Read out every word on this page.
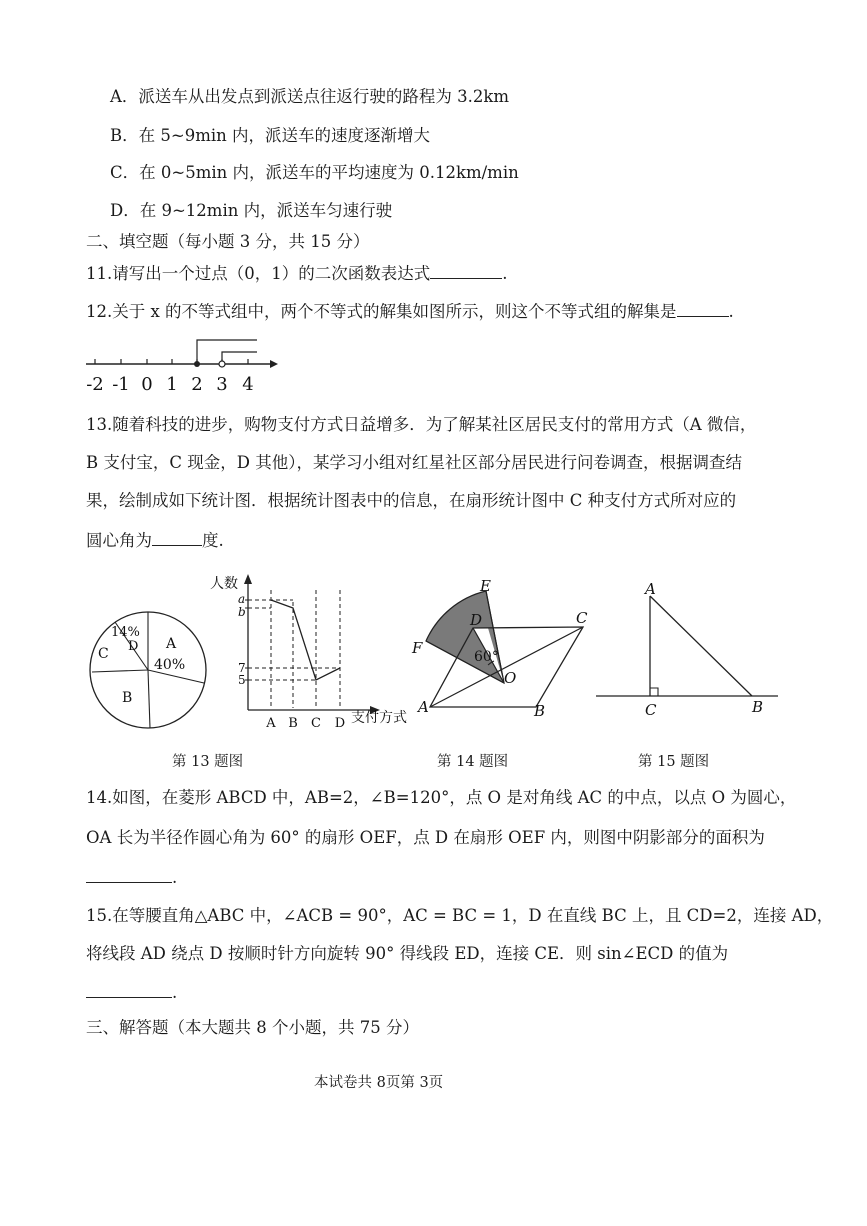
A．派送车从出发点到派送点往返行驶的路程为 3.2km
B．在 5~9min 内，派送车的速度逐渐增大
C．在 0~5min 内，派送车的平均速度为 0.12km/min
D．在 9~12min 内，派送车匀速行驶
二、填空题（每小题 3 分，共 15 分）
11.请写出一个过点（0，1）的二次函数表达式	.
12.关于 x 的不等式组中，两个不等式的解集如图所示，则这个不等式组的解集是	.
-2 -1 0 1 2 3 4
13.随着科技的进步，购物支付方式日益增多．为了解某社区居民支付的常用方式（A 微信，
B 支付宝，C 现金，D 其他），某学习小组对红星社区部分居民进行问卷调查，根据调查结
果，绘制成如下统计图．根据统计图表中的信息，在扇形统计图中 C 种支付方式所对应的
圆心角为	度.
A
40%
B
C D
14%
人数
a
b
7
5
A B C D 支付方式
E
D	C
F	60°
O
A	B
A
C	B
第 13 题图	第 14 题图	第 15 题图
14.如图，在菱形 ABCD 中，AB=2，∠B=120°，点 O 是对角线 AC 的中点，以点 O 为圆心，
OA 长为半径作圆心角为 60° 的扇形 OEF，点 D 在扇形 OEF 内，则图中阴影部分的面积为
.
15.在等腰直角△ABC 中，∠ACB = 90°，AC = BC = 1，D 在直线 BC 上，且 CD=2，连接 AD，
将线段 AD 绕点 D 按顺时针方向旋转 90° 得线段 ED，连接 CE．则 sin∠ECD 的值为
.
三、解答题（本大题共 8 个小题，共 75 分）
本试卷共 8页第 3页
